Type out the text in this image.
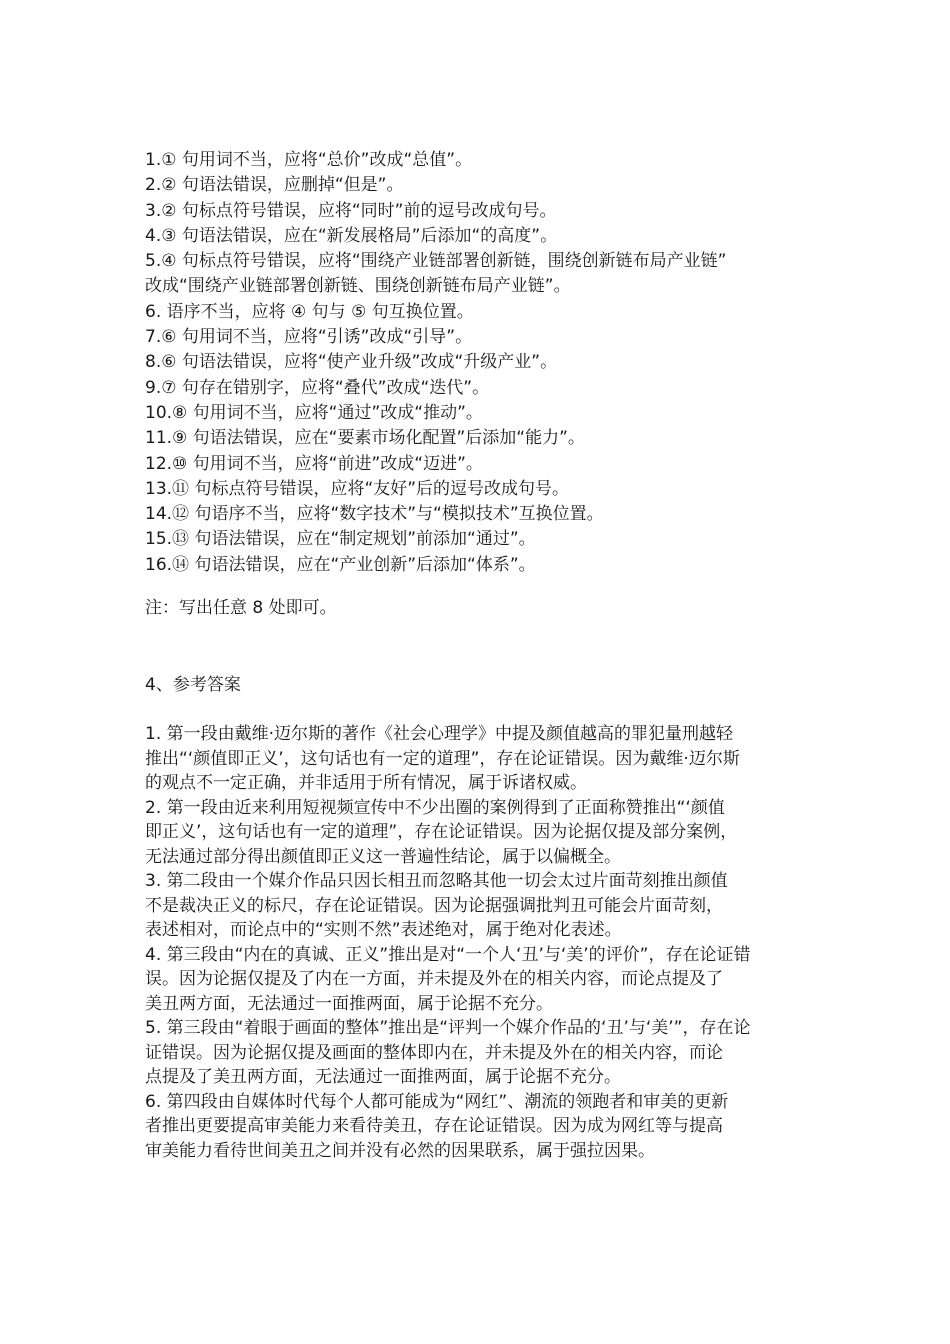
1.① 句用词不当，应将“总价”改成“总值”。

2.② 句语法错误，应删掉“但是”。

3.② 句标点符号错误，应将“同时”前的逗号改成句号。

4.③ 句语法错误，应在“新发展格局”后添加“的高度”。

5.④ 句标点符号错误，应将“围绕产业链部署创新链，围绕创新链布局产业链”

改成“围绕产业链部署创新链、围绕创新链布局产业链”。

6. 语序不当，应将 ④ 句与 ⑤ 句互换位置。

7.⑥ 句用词不当，应将“引诱”改成“引导”。

8.⑥ 句语法错误，应将“使产业升级”改成“升级产业”。

9.⑦ 句存在错别字，应将“叠代”改成“迭代”。

10.⑧ 句用词不当，应将“通过”改成“推动”。

11.⑨ 句语法错误，应在“要素市场化配置”后添加“能力”。

12.⑩ 句用词不当，应将“前进”改成“迈进”。

13.⑪ 句标点符号错误，应将“友好”后的逗号改成句号。

14.⑫ 句语序不当，应将“数字技术”与“模拟技术”互换位置。

15.⑬ 句语法错误，应在“制定规划”前添加“通过”。

16.⑭ 句语法错误，应在“产业创新”后添加“体系”。

注：写出任意 8 处即可。
4、参考答案

1. 第一段由戴维·迈尔斯的著作《社会心理学》中提及颜值越高的罪犯量刑越轻

推出“‘颜值即正义’，这句话也有一定的道理”，存在论证错误。因为戴维·迈尔斯

的观点不一定正确，并非适用于所有情况，属于诉诸权威。

2. 第一段由近来利用短视频宣传中不少出圈的案例得到了正面称赞推出“‘颜值

即正义’，这句话也有一定的道理”，存在论证错误。因为论据仅提及部分案例，

无法通过部分得出颜值即正义这一普遍性结论，属于以偏概全。

3. 第二段由一个媒介作品只因长相丑而忽略其他一切会太过片面苛刻推出颜值

不是裁决正义的标尺，存在论证错误。因为论据强调批判丑可能会片面苛刻，

表述相对，而论点中的“实则不然”表述绝对，属于绝对化表述。

4. 第三段由“内在的真诚、正义”推出是对“一个人‘丑’与‘美’的评价”，存在论证错

误。因为论据仅提及了内在一方面，并未提及外在的相关内容，而论点提及了

美丑两方面，无法通过一面推两面，属于论据不充分。

5. 第三段由“着眼于画面的整体”推出是“评判一个媒介作品的‘丑’与‘美’”，存在论

证错误。因为论据仅提及画面的整体即内在，并未提及外在的相关内容，而论

点提及了美丑两方面，无法通过一面推两面，属于论据不充分。

6. 第四段由自媒体时代每个人都可能成为“网红”、潮流的领跑者和审美的更新

者推出更要提高审美能力来看待美丑，存在论证错误。因为成为网红等与提高

审美能力看待世间美丑之间并没有必然的因果联系，属于强拉因果。
